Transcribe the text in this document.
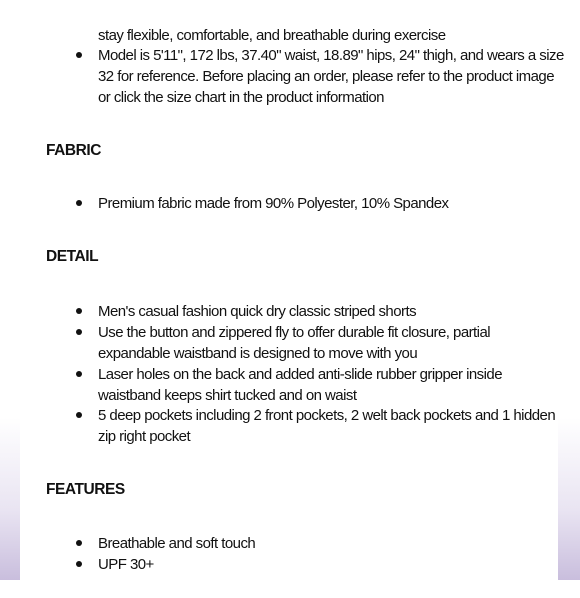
stay flexible, comfortable, and breathable during exercise
Model is 5'11", 172 lbs, 37.40" waist, 18.89" hips, 24" thigh, and wears a size
32 for reference. Before placing an order, please refer to the product image
or click the size chart in the product information
FABRIC
Premium fabric made from 90% Polyester, 10% Spandex
DETAIL
Men's casual fashion quick dry classic striped shorts
Use the button and zippered fly to offer durable fit closure, partial
expandable waistband is designed to move with you
Laser holes on the back and added anti-slide rubber gripper inside
waistband keeps shirt tucked and on waist
5 deep pockets including 2 front pockets, 2 welt back pockets and 1 hidden
zip right pocket
FEATURES
Breathable and soft touch
UPF 30+
